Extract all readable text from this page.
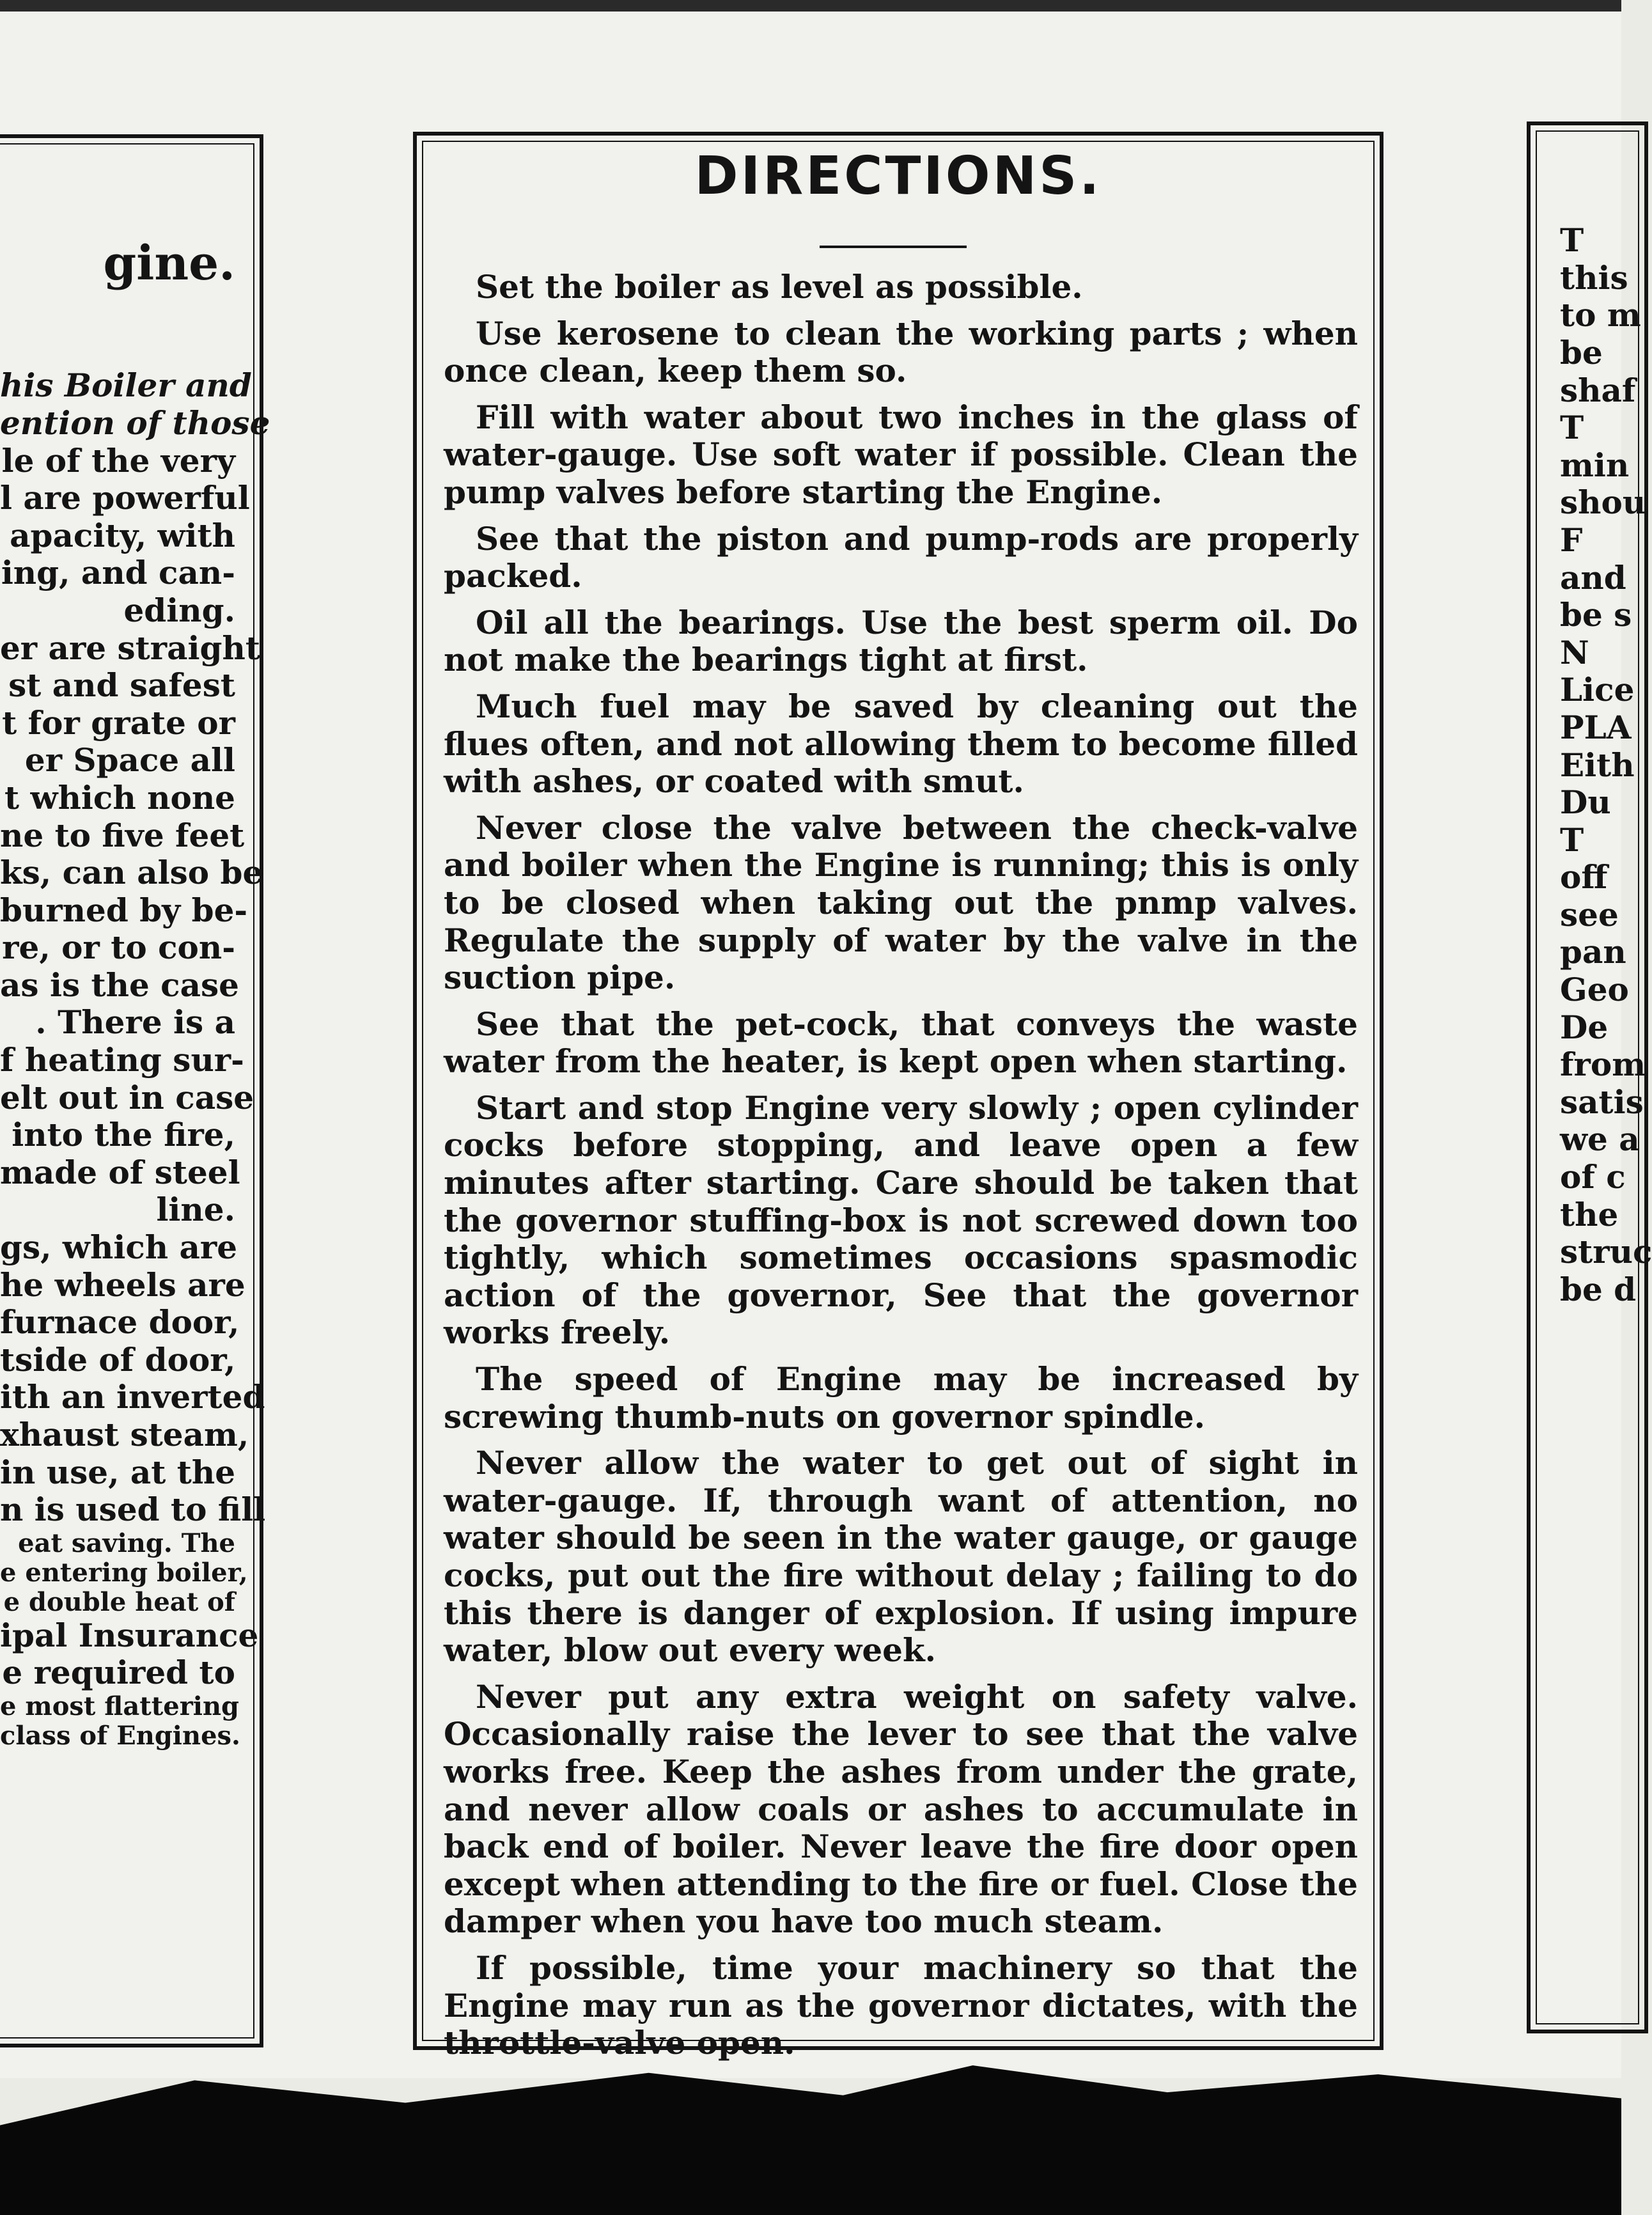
gine.

his Boiler and
ention of those
le of the very
l are powerful
apacity, with
ing, and can-
eding.
er are straight
st and safest
t for grate or
er Space all
t which none
ne to five feet
ks, can also be
burned by be-
re, or to con-
as is the case
. There is a
f heating sur-
elt out in case
into the fire,
made of steel
line.
gs, which are
he wheels are
furnace door,
tside of door,
ith an inverted
xhaust steam,
in use, at the
n is used to fill
eat saving. The
e entering boiler,
e double heat of
ipal Insurance
e required to
e most flattering
class of Engines.

DIRECTIONS.

Set the boiler as level as possible.

Use kerosene to clean the working parts ; when once clean, keep them so.

Fill with water about two inches in the glass of water-gauge. Use soft water if possible. Clean the pump valves before starting the Engine.

See that the piston and pump-rods are properly packed.

Oil all the bearings. Use the best sperm oil. Do not make the bearings tight at first.

Much fuel may be saved by cleaning out the flues often, and not allowing them to become filled with ashes, or coated with smut.

Never close the valve between the check-valve and boiler when the Engine is running; this is only to be closed when taking out the pnmp valves. Regulate the supply of water by the valve in the suction pipe.

See that the pet-cock, that conveys the waste water from the heater, is kept open when starting.

Start and stop Engine very slowly ; open cylinder cocks before stopping, and leave open a few minutes after starting. Care should be taken that the governor stuffing-box is not screwed down too tightly, which sometimes occasions spasmodic action of the governor, See that the governor works freely.

The speed of Engine may be increased by screwing thumb-nuts on governor spindle.

Never allow the water to get out of sight in water-gauge. If, through want of attention, no water should be seen in the water gauge, or gauge cocks, put out the fire without delay ; failing to do this there is danger of explosion. If using impure water, blow out every week.

Never put any extra weight on safety valve. Occasionally raise the lever to see that the valve works free. Keep the ashes from under the grate, and never allow coals or ashes to accumulate in back end of boiler. Never leave the fire door open except when attending to the fire or fuel. Close the damper when you have too much steam.

If possible, time your machinery so that the Engine may run as the governor dictates, with the throttle-valve open.

T
this
to m
be
shaf
T
min
shou
F
and
be s
N
Lice
PLA
Eith
Du
T
off
see
pan
Geo
De
from
satis
we a
of c
the
struc
be d
